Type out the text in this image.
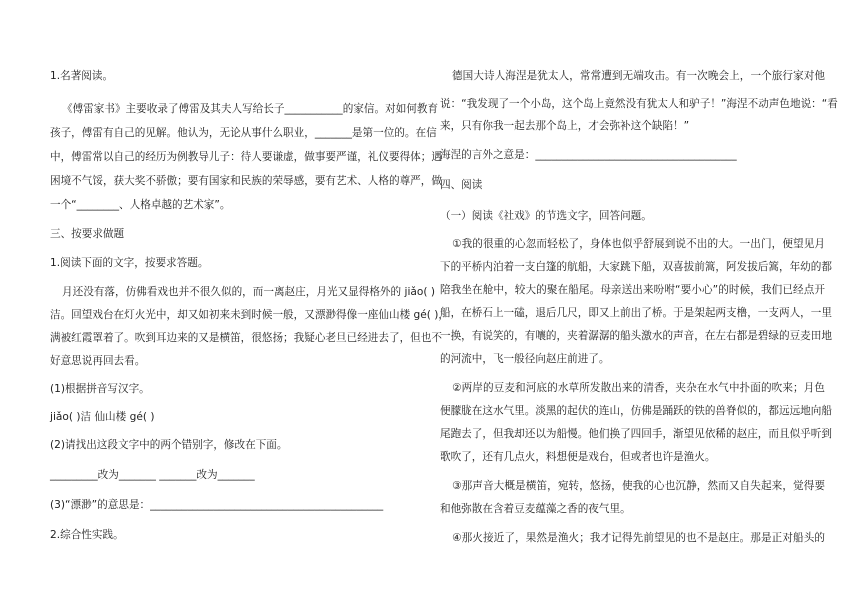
1.名著阅读。
《傅雷家书》主要收录了傅雷及其夫人写给长子___________的家信。对如何教育
孩子，傅雷有自己的见解。他认为，无论从事什么职业，_______是第一位的。在信
中，傅雷常以自己的经历为例教导儿子：待人要谦虚，做事要严谨，礼仪要得体；遇
困境不气馁，获大奖不骄傲；要有国家和民族的荣辱感，要有艺术、人格的尊严，做
一个“________、人格卓越的艺术家”。
三、按要求做题
1.阅读下面的文字，按要求答题。
月还没有落，仿佛看戏也并不很久似的，而一离赵庄，月光又显得格外的 jiǎo( )
洁。回望戏台在灯火光中，却又如初来未到时候一般，又漂渺得像一座仙山楼 gé( )，
满被红霞罩着了。吹到耳边来的又是横笛，很悠扬；我疑心老旦已经进去了，但也不
好意思说再回去看。
(1)根据拼音写汉字。
jiǎo( )洁 仙山楼 gé( )
(2)请找出这段文字中的两个错别字，修改在下面。
_________改为_______ _______改为_______
(3)“漂渺”的意思是：____________________________________________
2.综合性实践。
德国大诗人海涅是犹太人，常常遭到无端攻击。有一次晚会上，一个旅行家对他
说：“我发现了一个小岛，这个岛上竟然没有犹太人和驴子！”海涅不动声色地说：“看
来，只有你我一起去那个岛上，才会弥补这个缺陷！”
海涅的言外之意是：______________________________________
四、阅读
（一）阅读《社戏》的节选文字，回答问题。
①我的很重的心忽而轻松了，身体也似乎舒展到说不出的大。一出门，便望见月
下的平桥内泊着一支白篷的航船，大家跳下船，双喜拔前篙，阿发拔后篙，年幼的都
陪我坐在舱中，较大的聚在船尾。母亲送出来吩咐“要小心”的时候，我们已经点开
船，在桥石上一磕，退后几尺，即又上前出了桥。于是架起两支橹，一支两人，一里
一换，有说笑的，有嚷的，夹着潺潺的船头激水的声音，在左右都是碧绿的豆麦田地
的河流中，飞一般径向赵庄前进了。
②两岸的豆麦和河底的水草所发散出来的清香，夹杂在水气中扑面的吹来；月色
便朦胧在这水气里。淡黑的起伏的连山，仿佛是踊跃的铁的兽脊似的，都远远地向船
尾跑去了，但我却还以为船慢。他们换了四回手，渐望见依稀的赵庄，而且似乎听到
歌吹了，还有几点火，料想便是戏台，但或者也许是渔火。
③那声音大概是横笛，宛转，悠扬，使我的心也沉静，然而又自失起来，觉得要
和他弥散在含着豆麦蕴藻之香的夜气里。
④那火接近了，果然是渔火；我才记得先前望见的也不是赵庄。那是正对船头的
